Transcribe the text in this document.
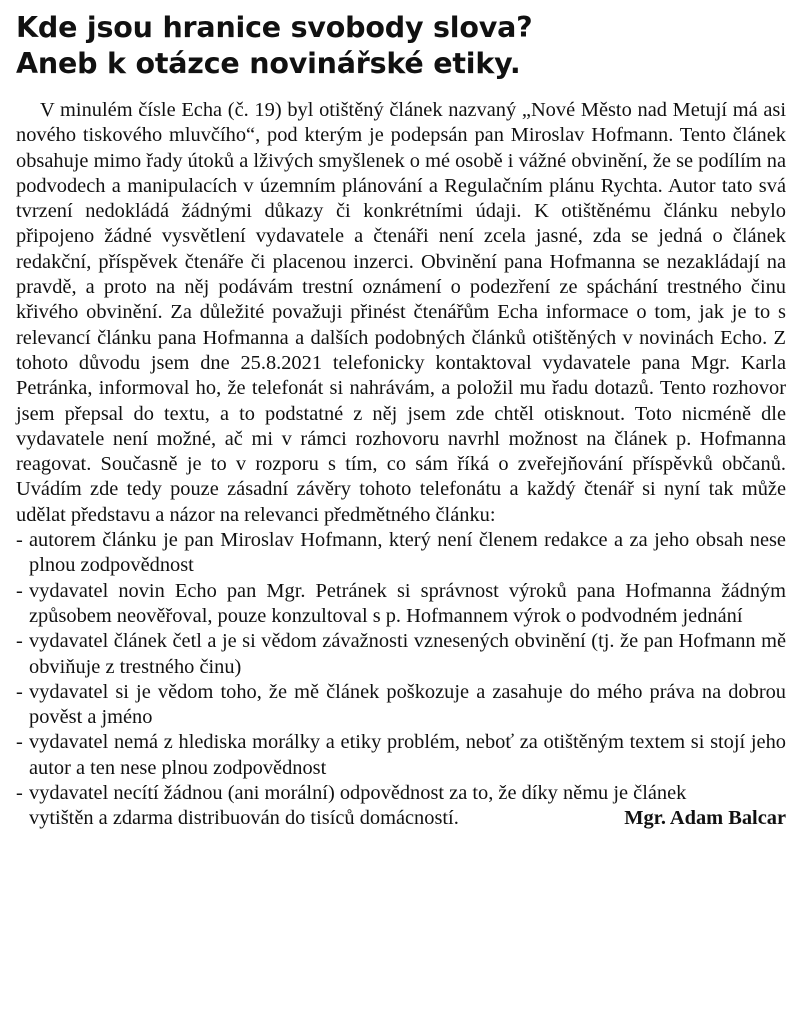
Kde jsou hranice svobody slova?
Aneb k otázce novinářské etiky.

V minulém čísle Echa (č. 19) byl otištěný článek nazvaný „Nové Město nad Metují má asi nového tiskového mluvčího“, pod kterým je podepsán pan Miroslav Hofmann. Tento článek obsahuje mimo řady útoků a lživých smyšlenek o mé osobě i vážné obvinění, že se podílím na podvodech a manipulacích v územním plánování a Regulačním plánu Rychta. Autor tato svá tvrzení nedokládá žádnými důkazy či konkrétními údaji. K otištěnému článku nebylo připojeno žádné vysvětlení vydavatele a čtenáři není zcela jasné, zda se jedná o článek redakční, příspěvek čtenáře či placenou inzerci. Obvinění pana Hofmanna se nezakládají na pravdě, a proto na něj podávám trestní oznámení o podezření ze spáchání trestného činu křivého obvinění. Za důležité považuji přinést čtenářům Echa informace o tom, jak je to s relevancí článku pana Hofmanna a dalších podobných článků otištěných v novinách Echo. Z tohoto důvodu jsem dne 25.8.2021 telefonicky kontaktoval vydavatele pana Mgr. Karla Petránka, informoval ho, že telefonát si nahrávám, a položil mu řadu dotazů. Tento rozhovor jsem přepsal do textu, a to podstatné z něj jsem zde chtěl otisknout. Toto nicméně dle vydavatele není možné, ač mi v rámci rozhovoru navrhl možnost na článek p. Hofmanna reagovat. Současně je to v rozporu s tím, co sám říká o zveřejňování příspěvků občanů. Uvádím zde tedy pouze zásadní závěry tohoto telefonátu a každý čtenář si nyní tak může udělat představu a názor na relevanci předmětného článku:

- autorem článku je pan Miroslav Hofmann, který není členem redakce a za jeho obsah nese plnou zodpovědnost
- vydavatel novin Echo pan Mgr. Petránek si správnost výroků pana Hofmanna žádným způsobem neověřoval, pouze konzultoval s p. Hofmannem výrok o podvodném jednání
- vydavatel článek četl a je si vědom závažnosti vznesených obvinění (tj. že pan Hofmann mě obviňuje z trestného činu)
- vydavatel si je vědom toho, že mě článek poškozuje a zasahuje do mého práva na dobrou pověst a jméno
- vydavatel nemá z hlediska morálky a etiky problém, neboť za otištěným textem si stojí jeho autor a ten nese plnou zodpovědnost
- vydavatel necítí žádnou (ani morální) odpovědnost za to, že díky němu je článek
vytištěn a zdarma distribuován do tisíců domácností.	Mgr. Adam Balcar
